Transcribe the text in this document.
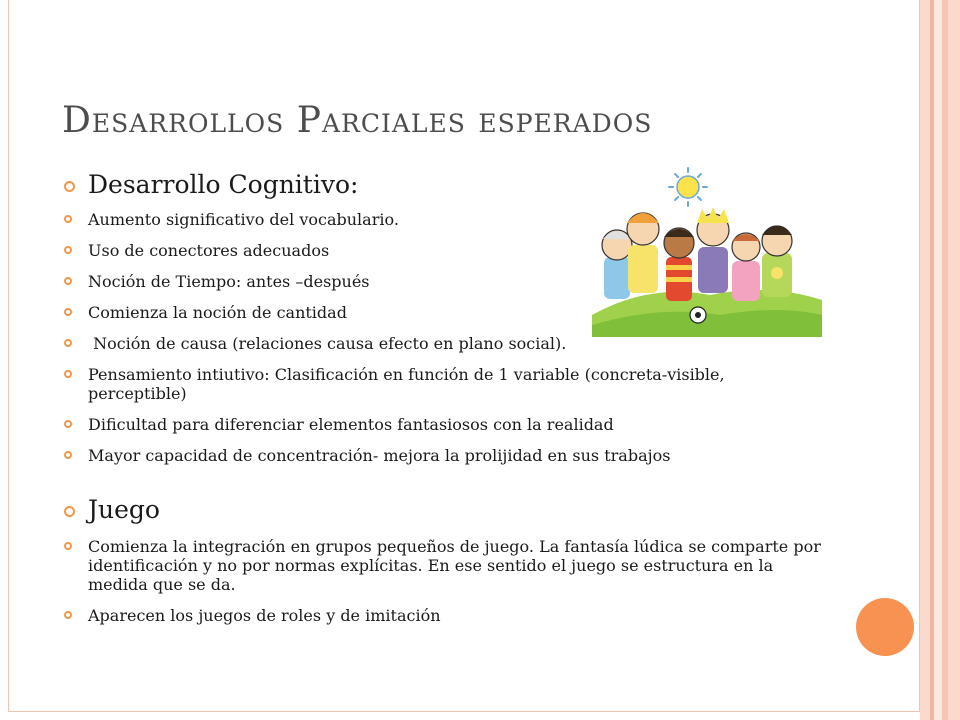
Desarrollos Parciales esperados

Desarrollo Cognitivo:

Aumento significativo del vocabulario.

Uso de conectores adecuados

Noción de Tiempo: antes –después

Comienza la noción de cantidad

Noción de causa (relaciones causa efecto en plano social).

Pensamiento intiutivo: Clasificación en función de 1 variable (concreta-visible, perceptible)

Dificultad para diferenciar elementos fantasiosos con la realidad

Mayor capacidad de concentración- mejora la prolijidad en sus trabajos

Juego

Comienza la integración en grupos pequeños de juego. La fantasía lúdica se comparte por identificación y no por normas explícitas. En ese sentido el juego se estructura en la medida que se da.

Aparecen los juegos de roles y de imitación
